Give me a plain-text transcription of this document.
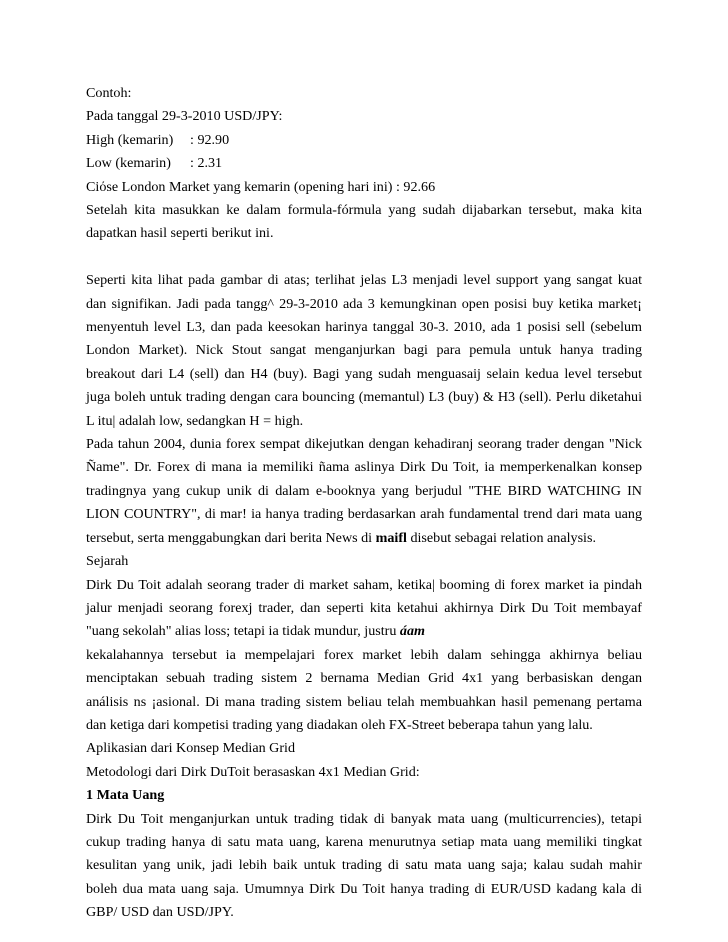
Contoh:
Pada tanggal 29-3-2010 USD/JPY:
High (kemarin) : 92.90
Low (kemarin) : 2.31
Ciόse London Market yang kemarin (opening hari ini) : 92.66
Setelah kita masukkan ke dalam formula-fórmula yang sudah dijabarkan tersebut, maka kita
dapatkan hasil seperti berikut ini.
Seperti kita lihat pada gambar di atas; terlihat jelas L3 menjadi level support yang sangat kuat
dan signifikan. Jadi pada tangg^ 29-3-2010 ada 3 kemungkinan open posisi buy ketika market¡
menyentuh level L3, dan pada keesokan harinya tanggal 30-3. 2010, ada 1 posisi sell (sebelum
London Market). Nick Stout sangat menganjurkan bagi para pemula untuk hanya trading
breakout dari L4 (sell) dan H4 (buy). Bagi yang sudah menguasaij selain kedua level tersebut
juga boleh untuk trading dengan cara bouncing (memantul) L3 (buy) & H3 (sell). Perlu diketahui
L itu| adalah low, sedangkan H = high.
Pada tahun 2004, dunia forex sempat dikejutkan dengan kehadiranj seorang trader dengan "Nick
Ñame". Dr. Forex di mana ia memiliki ñama aslinya Dirk Du Toit, ia memperkenalkan konsep
tradingnya yang cukup unik di dalam e-booknya yang berjudul "THE BIRD WATCHING IN
LION COUNTRY", di mar! ia hanya trading berdasarkan arah fundamental trend dari mata uang
tersebut, serta menggabungkan dari berita News di maifl disebut sebagai relation analysis.
Sejarah
Dirk Du Toit adalah seorang trader di market saham, ketika| booming di forex market ia pindah
jalur menjadi seorang forexj trader, dan seperti kita ketahui akhirnya Dirk Du Toit membayaf
"uang sekolah" alias loss; tetapi ia tidak mundur, justru áam
kekalahannya tersebut ia mempelajari forex market lebih dalam sehingga akhirnya beliau
menciptakan sebuah trading sistem 2 bernama Median Grid 4x1 yang berbasiskan dengan
análisis ns ¡asional. Di mana trading sistem beliau telah membuahkan hasil pemenang pertama
dan ketiga dari kompetisi trading yang diadakan oleh FX-Street beberapa tahun yang lalu.
Aplikasian dari Konsep Median Grid
Metodologi dari Dirk DuToit berasaskan 4x1 Median Grid:
1 Mata Uang
Dirk Du Toit menganjurkan untuk trading tidak di banyak mata uang (multicurrencies), tetapi
cukup trading hanya di satu mata uang, karena menurutnya setiap mata uang memiliki tingkat
kesulitan yang unik, jadi lebih baik untuk trading di satu mata uang saja; kalau sudah mahir
boleh dua mata uang saja. Umumnya Dirk Du Toit hanya trading di EUR/USD kadang kala di
GBP/ USD dan USD/JPY.
